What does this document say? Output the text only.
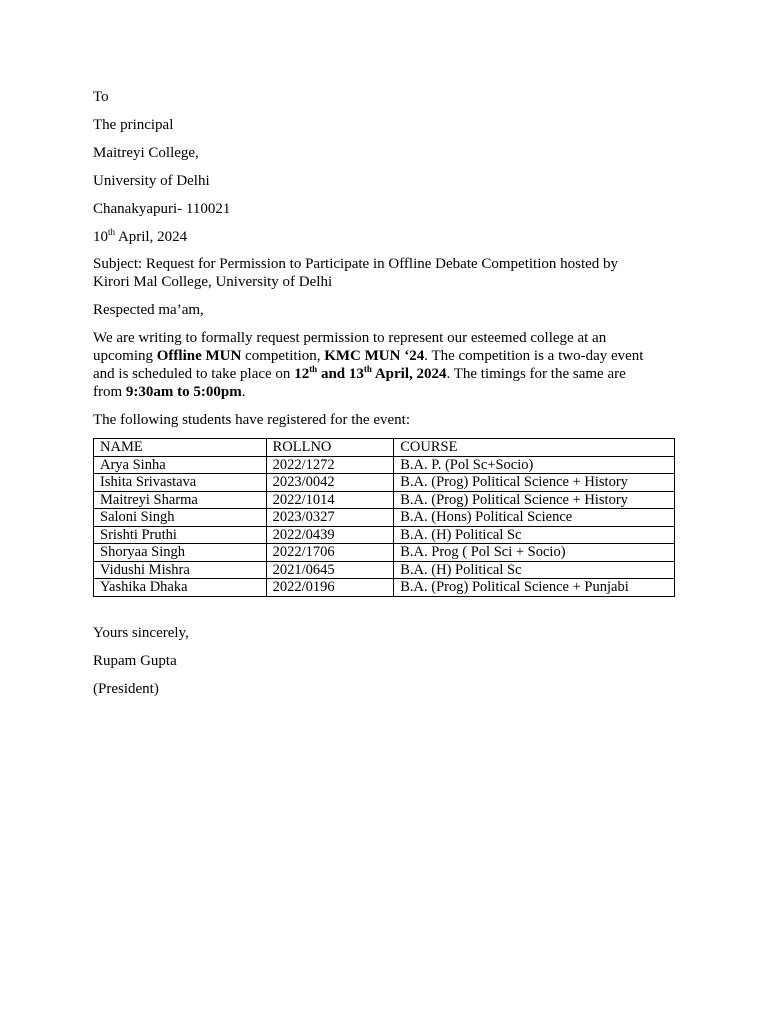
To

The principal

Maitreyi College,

University of Delhi

Chanakyapuri- 110021

10th April, 2024

Subject: Request for Permission to Participate in Offline Debate Competition hosted by

Kirori Mal College, University of Delhi

Respected ma’am,

We are writing to formally request permission to represent our esteemed college at an upcoming Offline MUN competition, KMC MUN ‘24. The competition is a two-day event and is scheduled to take place on 12th and 13th April, 2024. The timings for the same are from 9:30am to 5:00pm.

The following students have registered for the event:

NAME	ROLLNO	COURSE
Arya Sinha	2022/1272	B.A. P. (Pol Sc+Socio)
Ishita Srivastava	2023/0042	B.A. (Prog) Political Science + History
Maitreyi Sharma	2022/1014	B.A. (Prog) Political Science + History
Saloni Singh	2023/0327	B.A. (Hons) Political Science
Srishti Pruthi	2022/0439	B.A. (H) Political Sc
Shoryaa Singh	2022/1706	B.A. Prog ( Pol Sci + Socio)
Vidushi Mishra	2021/0645	B.A. (H) Political Sc
Yashika Dhaka	2022/0196	B.A. (Prog) Political Science + Punjabi

Yours sincerely,

Rupam Gupta

(President)
